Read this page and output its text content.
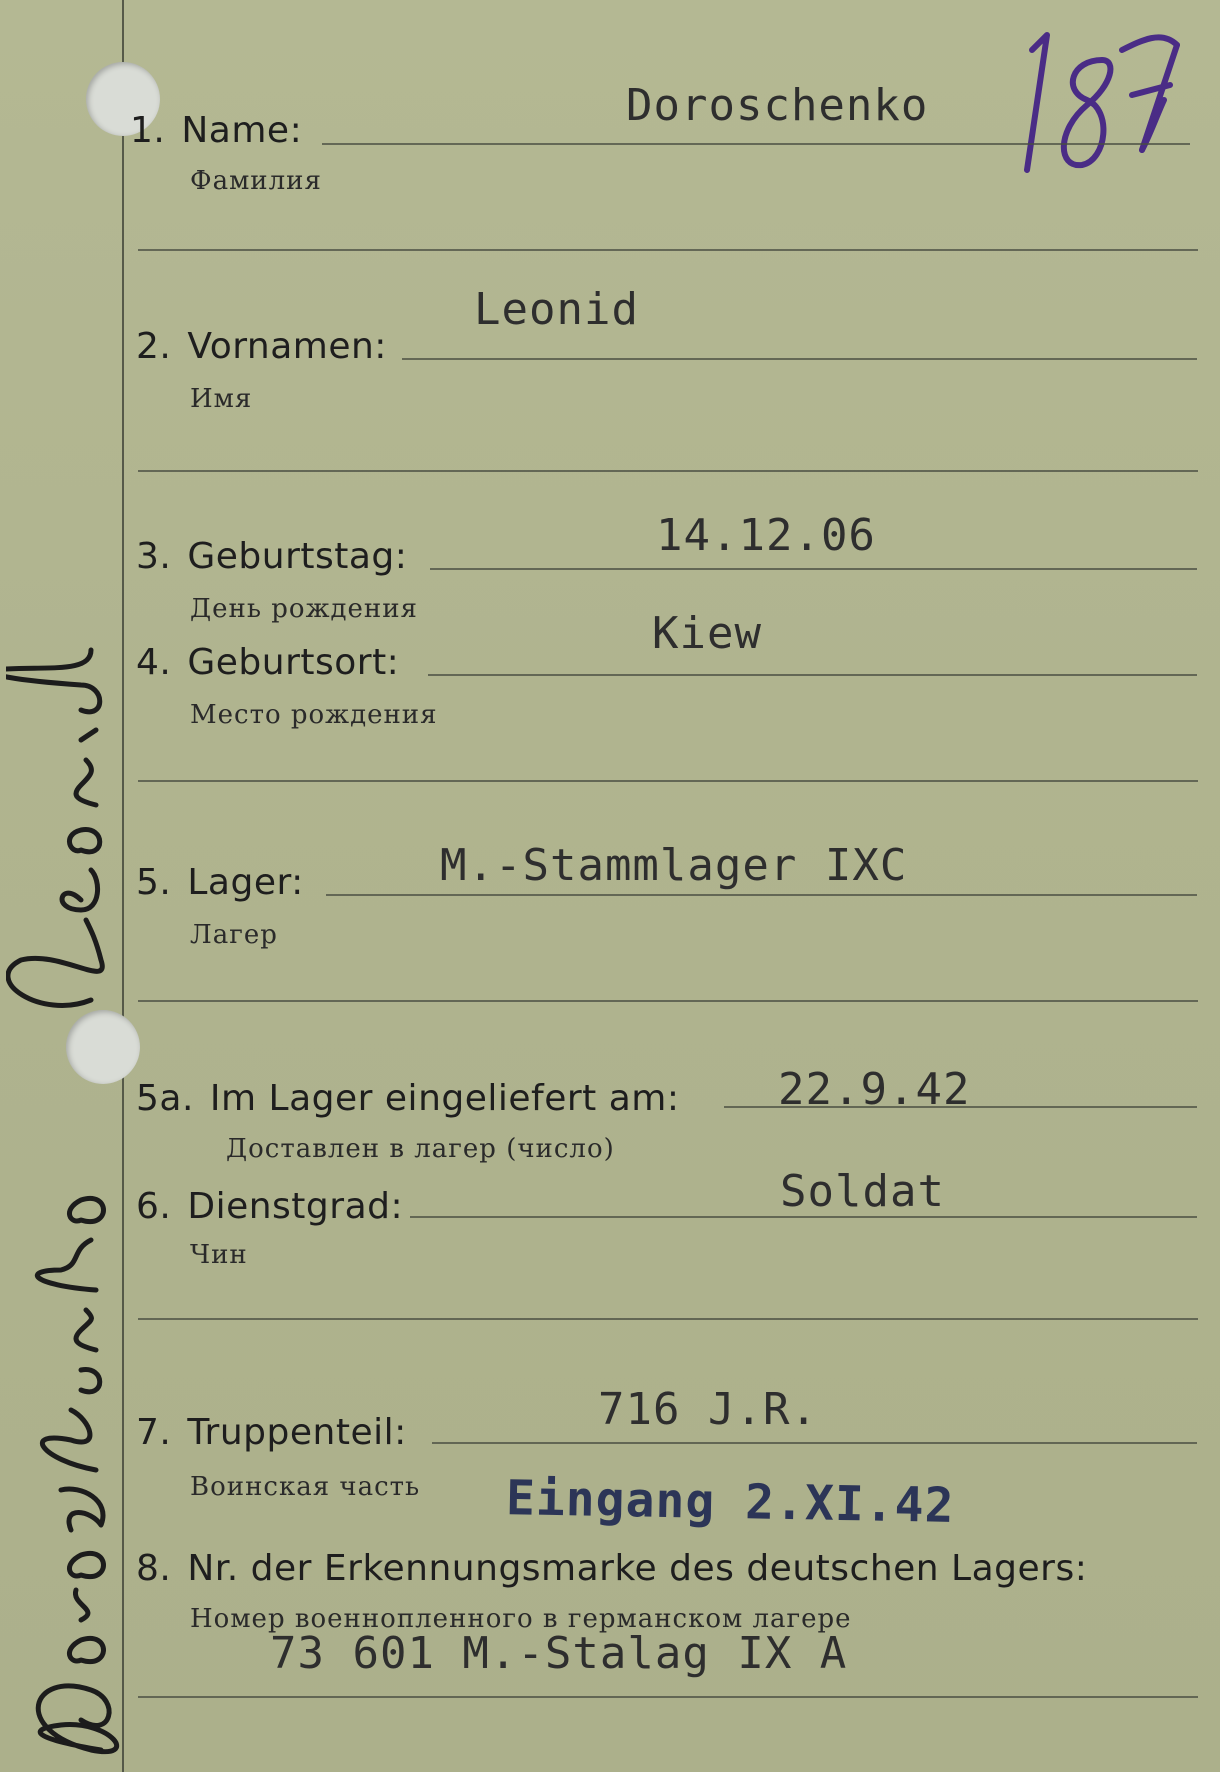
1. Name:	Doroschenko
Фамилия
2. Vornamen:
Leonid
Имя
3. Geburtstag:	14.12.06
День рождения
4. Geburtsort:
Kiew
Место рождения
5. Lager:	M.-Stammlager IXC
Лагер
5a. Im Lager eingeliefert am: 22.9.42
Доставлен в лагер (число)
6. Dienstgrad:	Soldat
Чин
7. Truppenteil:	716 J.R.
Воинская часть Eingang 2.XI.42
8. Nr. der Erkennungsmarke des deutschen Lagers:
Номер военнопленного в германском лагере
73 601 M.-Stalag IX A
